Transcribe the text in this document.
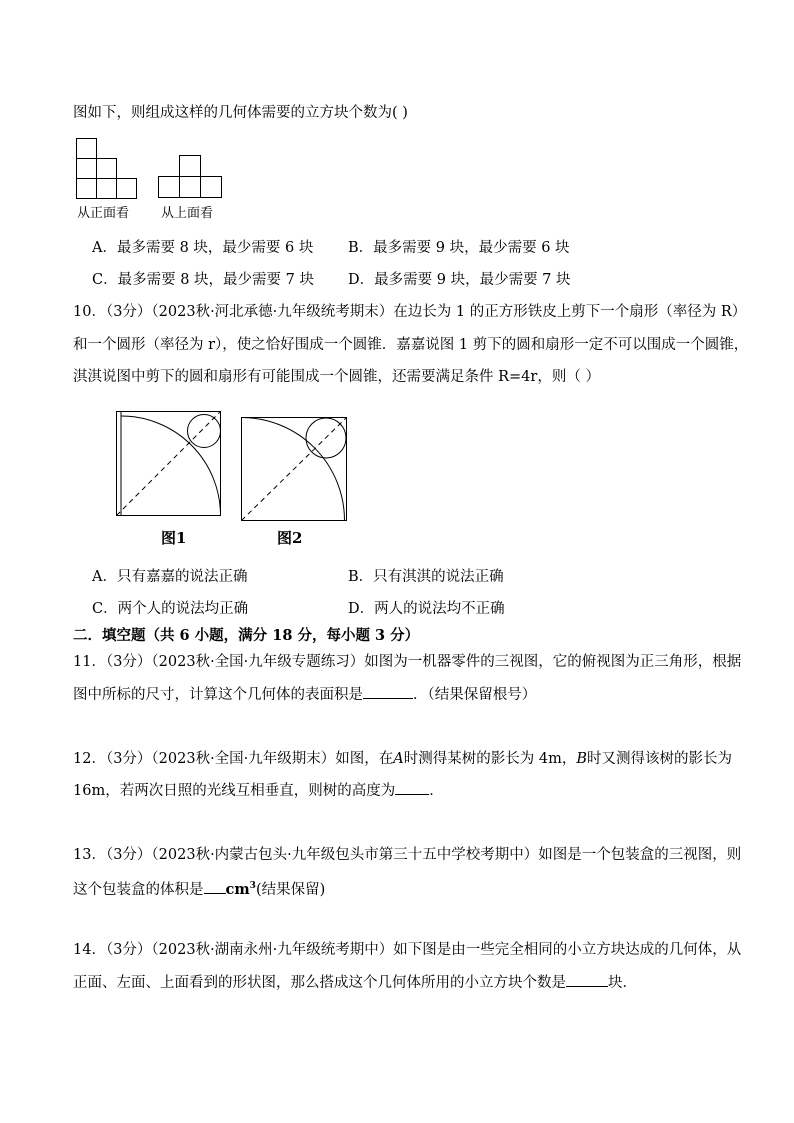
图如下，则组成这样的几何体需要的立方块个数为( )
从正面看 从上面看
A．最多需要 8 块，最少需要 6 块 B．最多需要 9 块，最少需要 6 块
C．最多需要 8 块，最少需要 7 块 D．最多需要 9 块，最少需要 7 块
10．（3分）（2023秋·河北承德·九年级统考期末）在边长为 1 的正方形铁皮上剪下一个扇形（率径为 R）
和一个圆形（率径为 r），使之恰好围成一个圆锥．嘉嘉说图 1 剪下的圆和扇形一定不可以围成一个圆锥，
淇淇说图中剪下的圆和扇形有可能围成一个圆锥，还需要满足条件 R=4r，则（ ）
图1	图2
A．只有嘉嘉的说法正确	B．只有淇淇的说法正确
C．两个人的说法均正确	D．两人的说法均不正确
二．填空题（共 6 小题，满分 18 分，每小题 3 分）
11．（3分）（2023秋·全国·九年级专题练习）如图为一机器零件的三视图，它的俯视图为正三角形，根据
图中所标的尺寸，计算这个几何体的表面积是	．（结果保留根号）
12．（3分）（2023秋·全国·九年级期末）如图，在A时测得某树的影长为 4m，B时又测得该树的影长为
16m，若两次日照的光线互相垂直，则树的高度为 ．
13．（3分）（2023秋·内蒙古包头·九年级包头市第三十五中学校考期中）如图是一个包装盒的三视图，则
这个包装盒的体积是 $cm^3$(结果保留)
14．（3分）（2023秋·湖南永州·九年级统考期中）如下图是由一些完全相同的小立方块达成的几何体，从
正面、左面、上面看到的形状图，那么搭成这个几何体所用的小立方块个数是	块．
